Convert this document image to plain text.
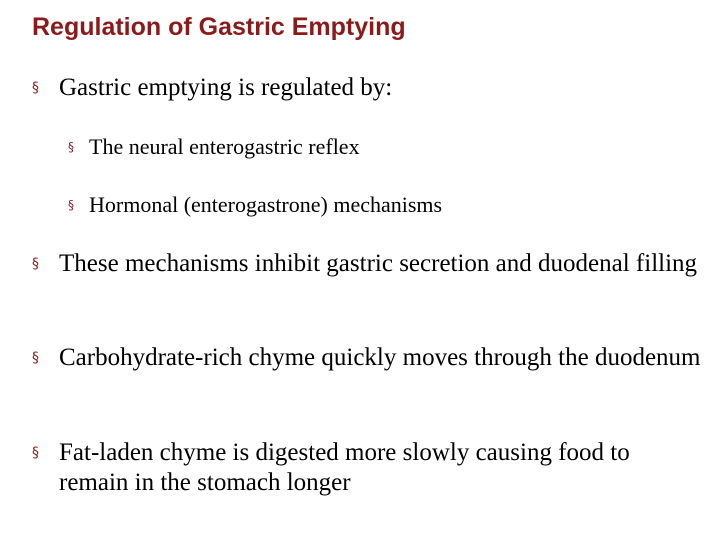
Regulation of Gastric Emptying
§ Gastric emptying is regulated by:
§ The neural enterogastric reflex
§ Hormonal (enterogastrone) mechanisms
§ These mechanisms inhibit gastric secretion and duodenal filling
§ Carbohydrate-rich chyme quickly moves through the duodenum
§ Fat-laden chyme is digested more slowly causing food to remain in the stomach longer
